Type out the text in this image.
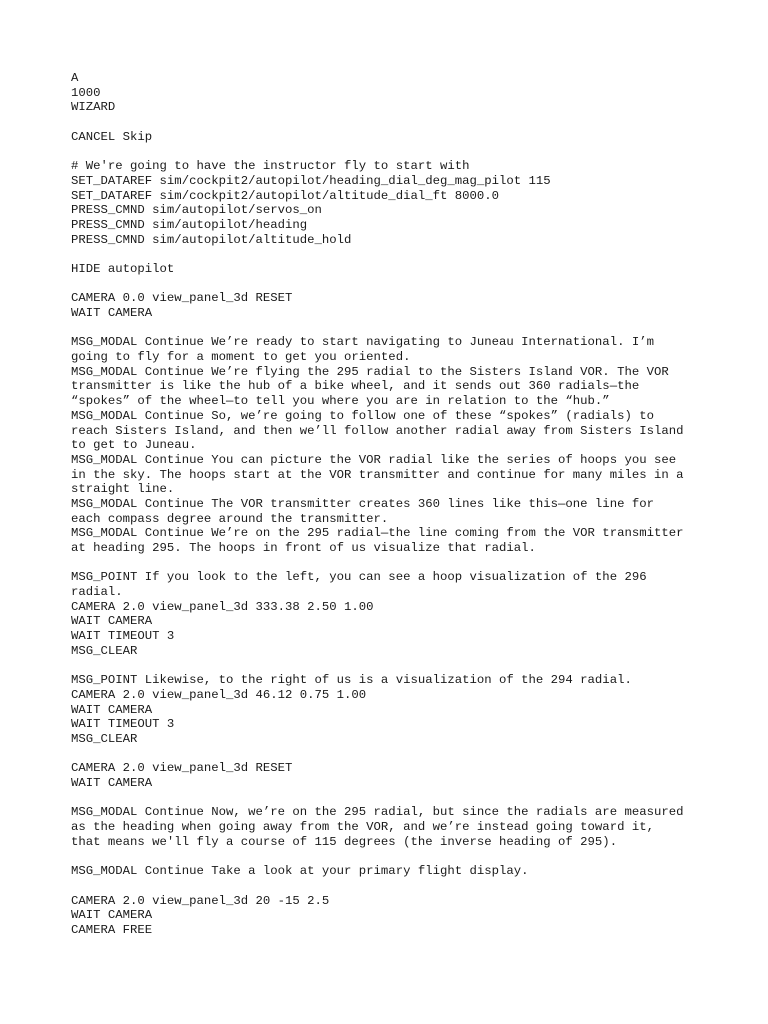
A
1000
WIZARD
CANCEL Skip
# We're going to have the instructor fly to start with
SET_DATAREF sim/cockpit2/autopilot/heading_dial_deg_mag_pilot 115
SET_DATAREF sim/cockpit2/autopilot/altitude_dial_ft 8000.0
PRESS_CMND sim/autopilot/servos_on
PRESS_CMND sim/autopilot/heading
PRESS_CMND sim/autopilot/altitude_hold
HIDE autopilot
CAMERA 0.0 view_panel_3d RESET
WAIT CAMERA
MSG_MODAL Continue We’re ready to start navigating to Juneau International. I’m
going to fly for a moment to get you oriented.
MSG_MODAL Continue We’re flying the 295 radial to the Sisters Island VOR. The VOR
transmitter is like the hub of a bike wheel, and it sends out 360 radials—the
“spokes” of the wheel—to tell you where you are in relation to the “hub.”
MSG_MODAL Continue So, we’re going to follow one of these “spokes” (radials) to
reach Sisters Island, and then we’ll follow another radial away from Sisters Island
to get to Juneau.
MSG_MODAL Continue You can picture the VOR radial like the series of hoops you see
in the sky. The hoops start at the VOR transmitter and continue for many miles in a
straight line.
MSG_MODAL Continue The VOR transmitter creates 360 lines like this—one line for
each compass degree around the transmitter.
MSG_MODAL Continue We’re on the 295 radial—the line coming from the VOR transmitter
at heading 295. The hoops in front of us visualize that radial.
MSG_POINT If you look to the left, you can see a hoop visualization of the 296
radial.
CAMERA 2.0 view_panel_3d 333.38 2.50 1.00
WAIT CAMERA
WAIT TIMEOUT 3
MSG_CLEAR
MSG_POINT Likewise, to the right of us is a visualization of the 294 radial.
CAMERA 2.0 view_panel_3d 46.12 0.75 1.00
WAIT CAMERA
WAIT TIMEOUT 3
MSG_CLEAR
CAMERA 2.0 view_panel_3d RESET
WAIT CAMERA
MSG_MODAL Continue Now, we’re on the 295 radial, but since the radials are measured
as the heading when going away from the VOR, and we’re instead going toward it,
that means we'll fly a course of 115 degrees (the inverse heading of 295).
MSG_MODAL Continue Take a look at your primary flight display.
CAMERA 2.0 view_panel_3d 20 -15 2.5
WAIT CAMERA
CAMERA FREE
